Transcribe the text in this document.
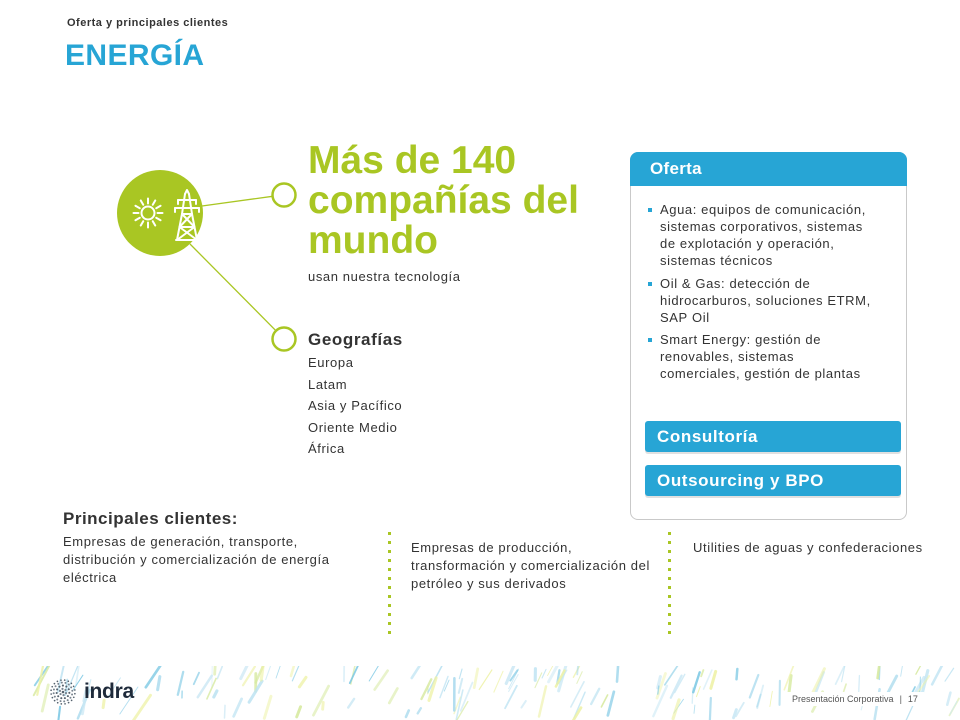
Oferta y principales clientes
ENERGÍA
Más de 140
compañías del
mundo
usan nuestra tecnología
Geografías
Europa
Latam
Asia y Pacífico
Oriente Medio
África
Oferta
Agua: equipos de comunicación, sistemas corporativos, sistemas de explotación y operación, sistemas técnicos
Oil & Gas: detección de hidrocarburos, soluciones ETRM, SAP Oil
Smart Energy: gestión de renovables, sistemas comerciales, gestión de plantas
Consultoría
Outsourcing y BPO
Principales clientes:
Empresas de generación, transporte, distribución y comercialización de energía eléctrica
Empresas de producción, transformación y comercialización del petróleo y sus derivados
Utilities de aguas y confederaciones
indra	Presentación Corporativa | 17
